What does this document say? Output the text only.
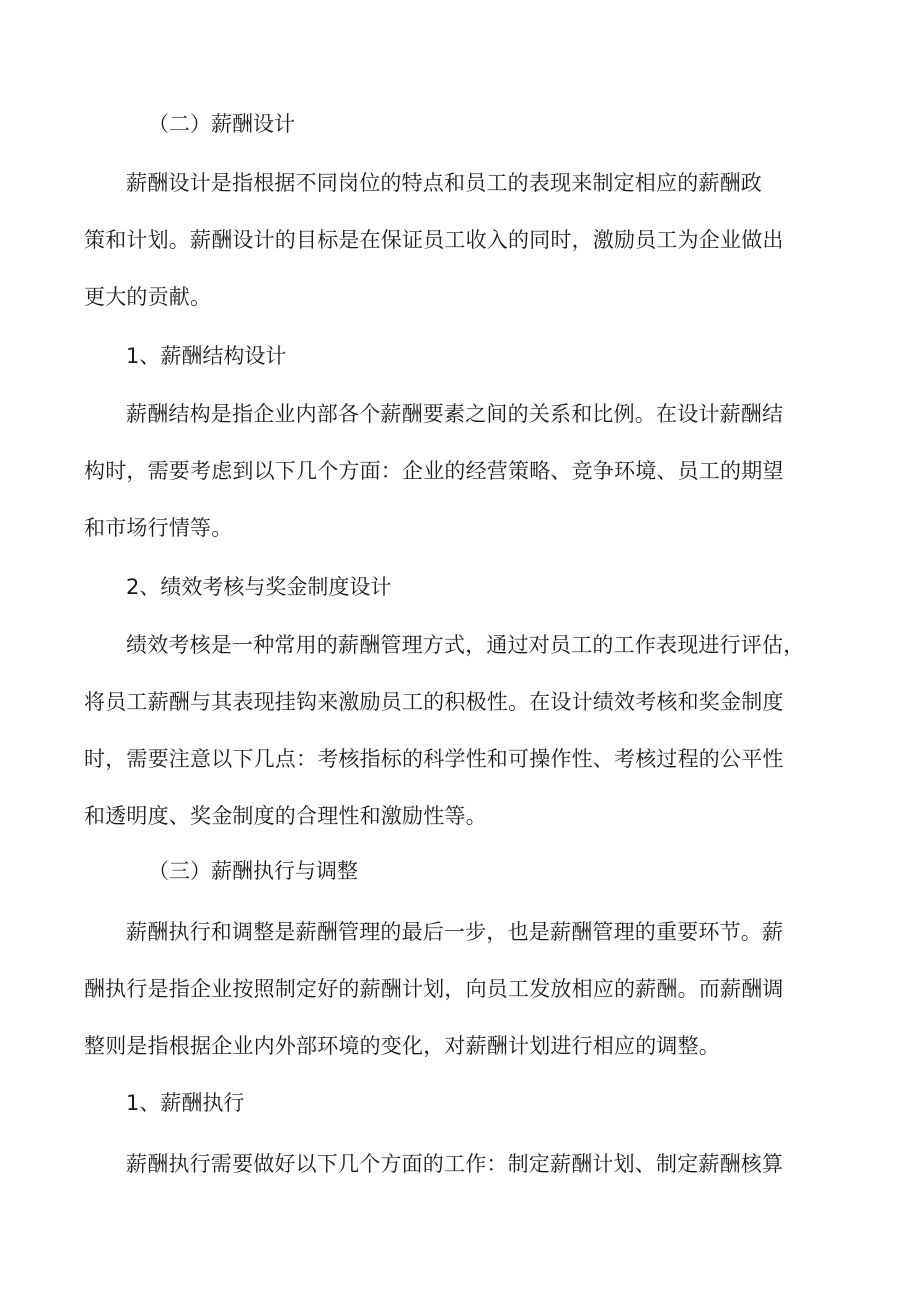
（二）薪酬设计
薪酬设计是指根据不同岗位的特点和员工的表现来制定相应的薪酬政
策和计划。薪酬设计的目标是在保证员工收入的同时，激励员工为企业做出
更大的贡献。
1、薪酬结构设计
薪酬结构是指企业内部各个薪酬要素之间的关系和比例。在设计薪酬结
构时，需要考虑到以下几个方面：企业的经营策略、竞争环境、员工的期望
和市场行情等。
2、绩效考核与奖金制度设计
绩效考核是一种常用的薪酬管理方式，通过对员工的工作表现进行评估，
将员工薪酬与其表现挂钩来激励员工的积极性。在设计绩效考核和奖金制度
时，需要注意以下几点：考核指标的科学性和可操作性、考核过程的公平性
和透明度、奖金制度的合理性和激励性等。
（三）薪酬执行与调整
薪酬执行和调整是薪酬管理的最后一步，也是薪酬管理的重要环节。薪
酬执行是指企业按照制定好的薪酬计划，向员工发放相应的薪酬。而薪酬调
整则是指根据企业内外部环境的变化，对薪酬计划进行相应的调整。
1、薪酬执行
薪酬执行需要做好以下几个方面的工作：制定薪酬计划、制定薪酬核算
